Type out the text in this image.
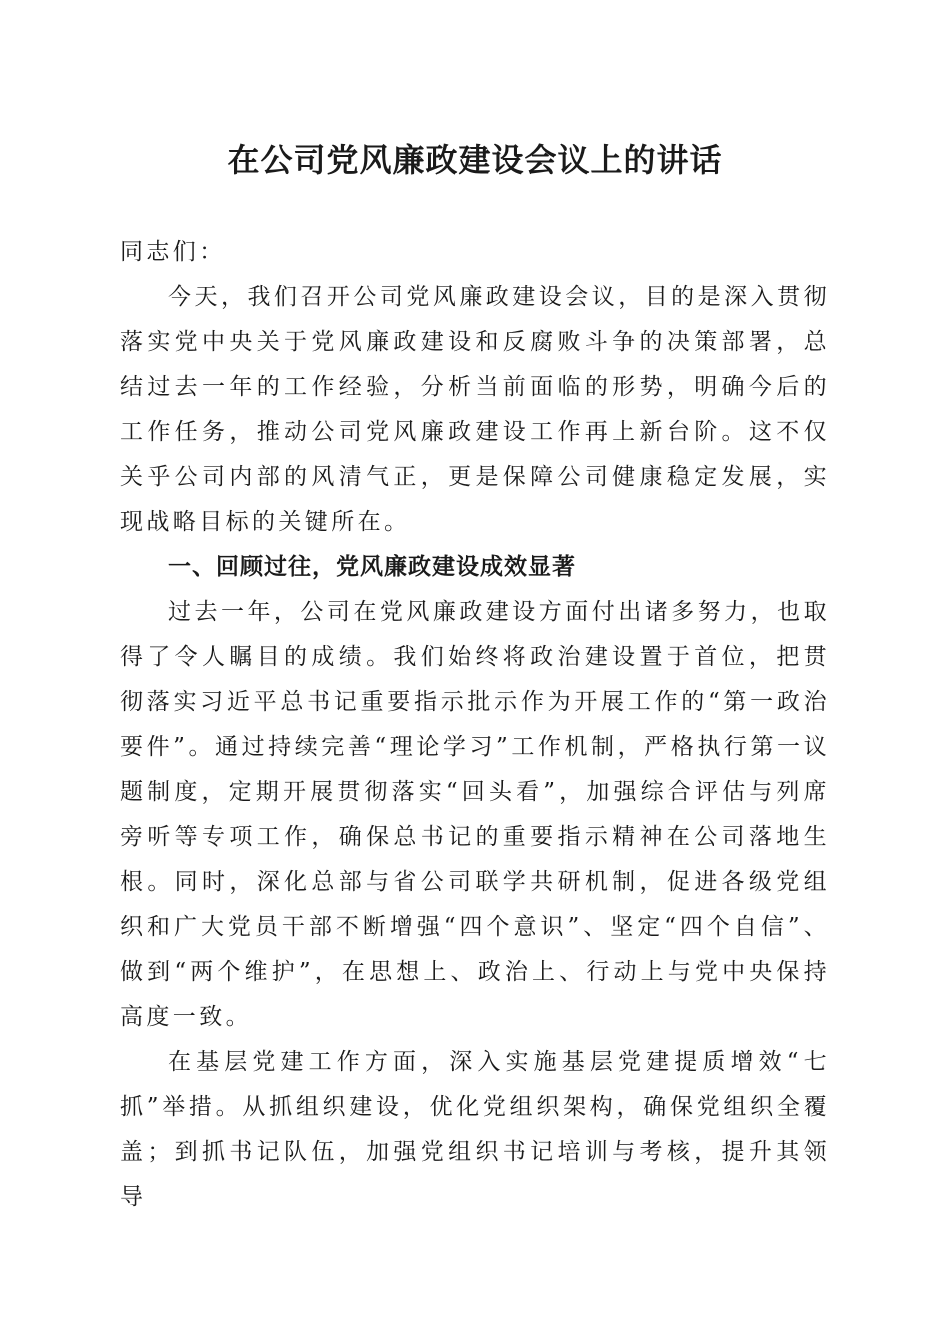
在公司党风廉政建设会议上的讲话

同志们：

今天，我们召开公司党风廉政建设会议，目的是深入贯彻落实党中央关于党风廉政建设和反腐败斗争的决策部署，总结过去一年的工作经验，分析当前面临的形势，明确今后的工作任务，推动公司党风廉政建设工作再上新台阶。这不仅关乎公司内部的风清气正，更是保障公司健康稳定发展，实现战略目标的关键所在。

一、回顾过往，党风廉政建设成效显著

过去一年，公司在党风廉政建设方面付出诸多努力，也取得了令人瞩目的成绩。我们始终将政治建设置于首位，把贯彻落实习近平总书记重要指示批示作为开展工作的“第一政治要件”。通过持续完善“理论学习”工作机制，严格执行第一议题制度，定期开展贯彻落实“回头看”，加强综合评估与列席旁听等专项工作，确保总书记的重要指示精神在公司落地生根。同时，深化总部与省公司联学共研机制，促进各级党组织和广大党员干部不断增强“四个意识”、坚定“四个自信”、做到“两个维护”，在思想上、政治上、行动上与党中央保持高度一致。

在基层党建工作方面，深入实施基层党建提质增效“七抓”举措。从抓组织建设，优化党组织架构，确保党组织全覆盖；到抓书记队伍，加强党组织书记培训与考核，提升其领导
